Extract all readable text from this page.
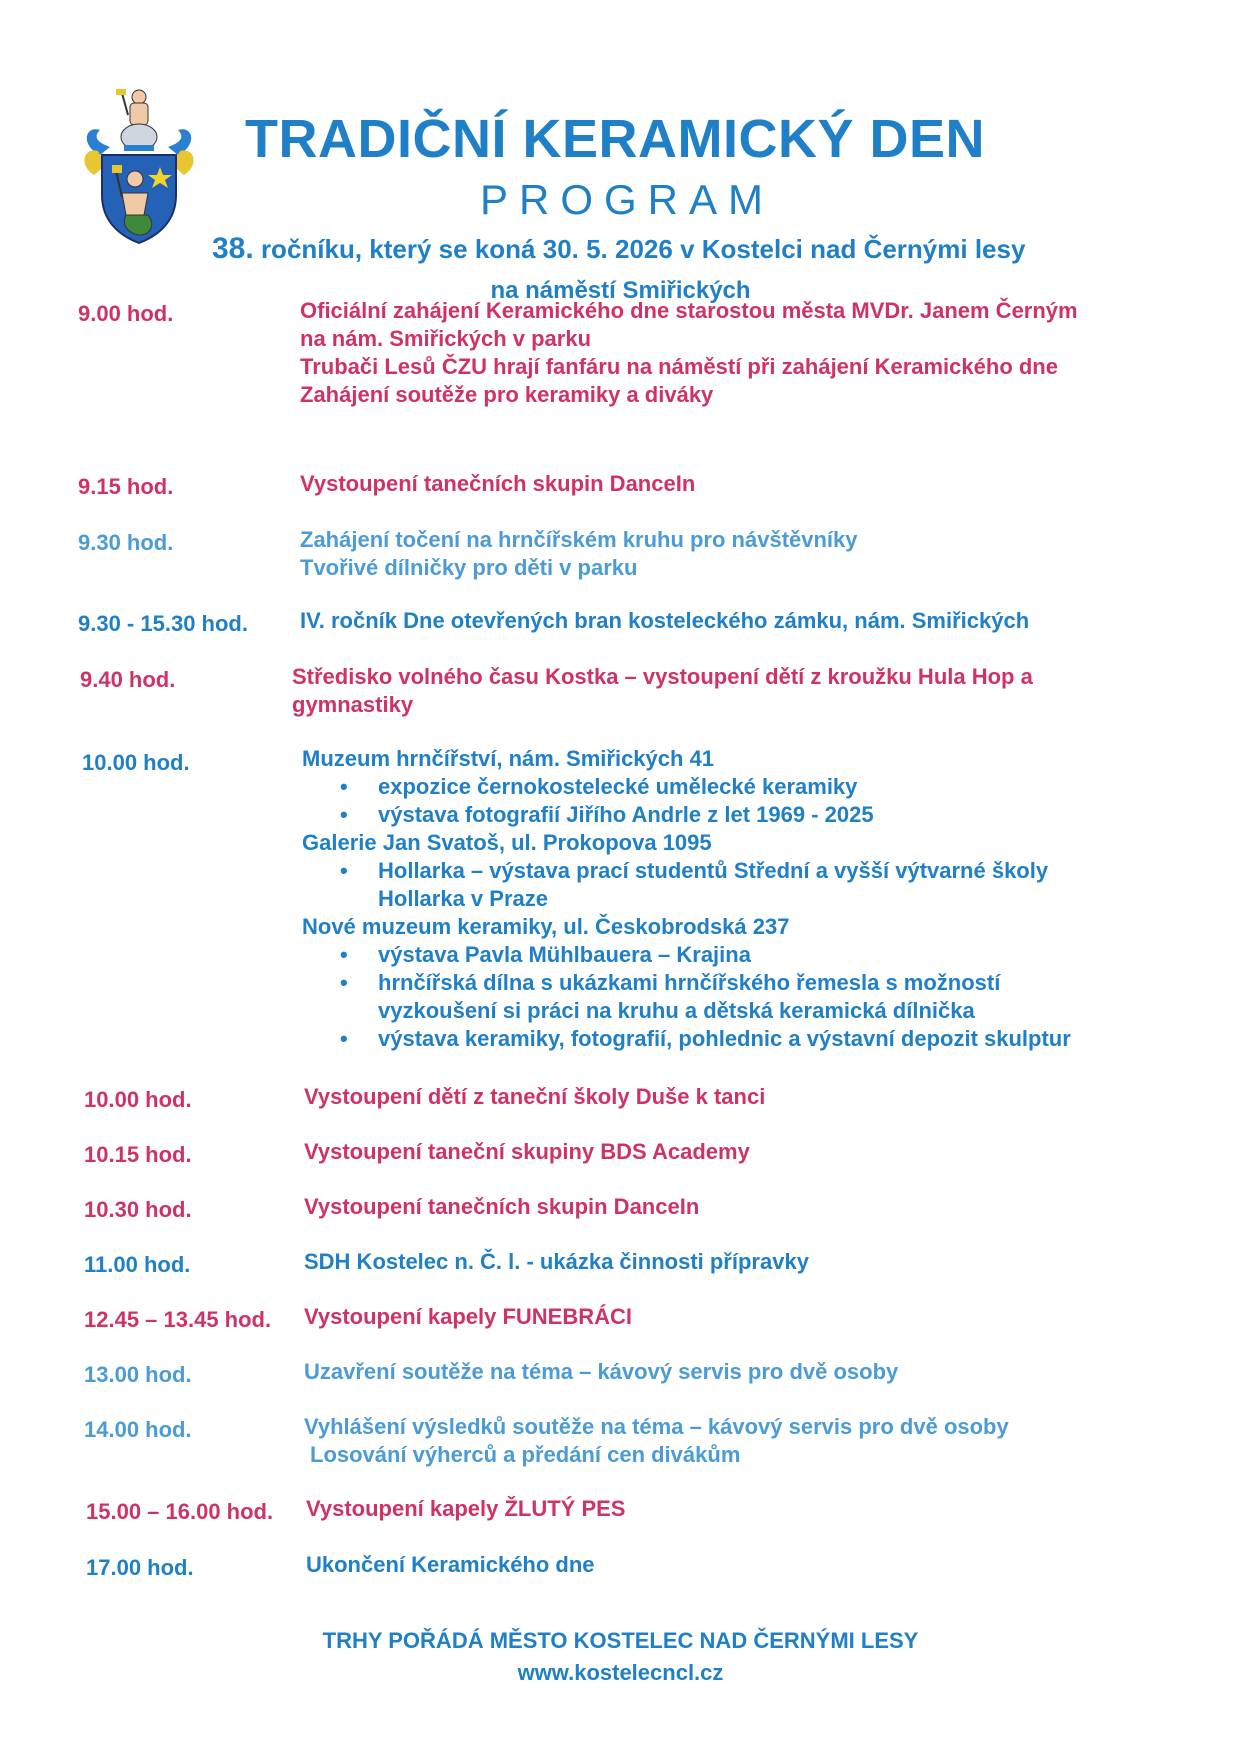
TRADIČNÍ KERAMICKÝ DEN
PROGRAM
38. ročníku, který se koná 30. 5. 2026 v Kostelci nad Černými lesy
na náměstí Smiřických
9.00 hod.	Oficiální zahájení Keramického dne starostou města MVDr. Janem Černým
na nám. Smiřických v parku
Trubači Lesů ČZU hrají fanfáru na náměstí při zahájení Keramického dne
Zahájení soutěže pro keramiky a diváky
9.15 hod.	Vystoupení tanečních skupin DanceIn
9.30 hod.	Zahájení točení na hrnčířském kruhu pro návštěvníky
Tvořivé dílničky pro děti v parku
9.30 - 15.30 hod. IV. ročník Dne otevřených bran kosteleckého zámku, nám. Smiřických
9.40 hod.	Středisko volného času Kostka – vystoupení dětí z kroužku Hula Hop a
gymnastiky
10.00 hod.	Muzeum hrnčířství, nám. Smiřických 41
• expozice černokostelecké umělecké keramiky
• výstava fotografií Jiřího Andrle z let 1969 - 2025
Galerie Jan Svatoš, ul. Prokopova 1095
• Hollarka – výstava prací studentů Střední a vyšší výtvarné školy
Hollarka v Praze
Nové muzeum keramiky, ul. Českobrodská 237
• výstava Pavla Mühlbauera – Krajina
• hrnčířská dílna s ukázkami hrnčířského řemesla s možností
vyzkoušení si práci na kruhu a dětská keramická dílnička
• výstava keramiky, fotografií, pohlednic a výstavní depozit skulptur
10.00 hod.	Vystoupení dětí z taneční školy Duše k tanci
10.15 hod.	Vystoupení taneční skupiny BDS Academy
10.30 hod.	Vystoupení tanečních skupin DanceIn
11.00 hod.	SDH Kostelec n. Č. l. - ukázka činnosti přípravky
12.45 – 13.45 hod. Vystoupení kapely FUNEBRÁCI
13.00 hod.	Uzavření soutěže na téma – kávový servis pro dvě osoby
14.00 hod.	Vyhlášení výsledků soutěže na téma – kávový servis pro dvě osoby
Losování výherců a předání cen divákům
15.00 – 16.00 hod. Vystoupení kapely ŽLUTÝ PES
17.00 hod.	Ukončení Keramického dne
TRHY POŘÁDÁ MĚSTO KOSTELEC NAD ČERNÝMI LESY
www.kostelecncl.cz
